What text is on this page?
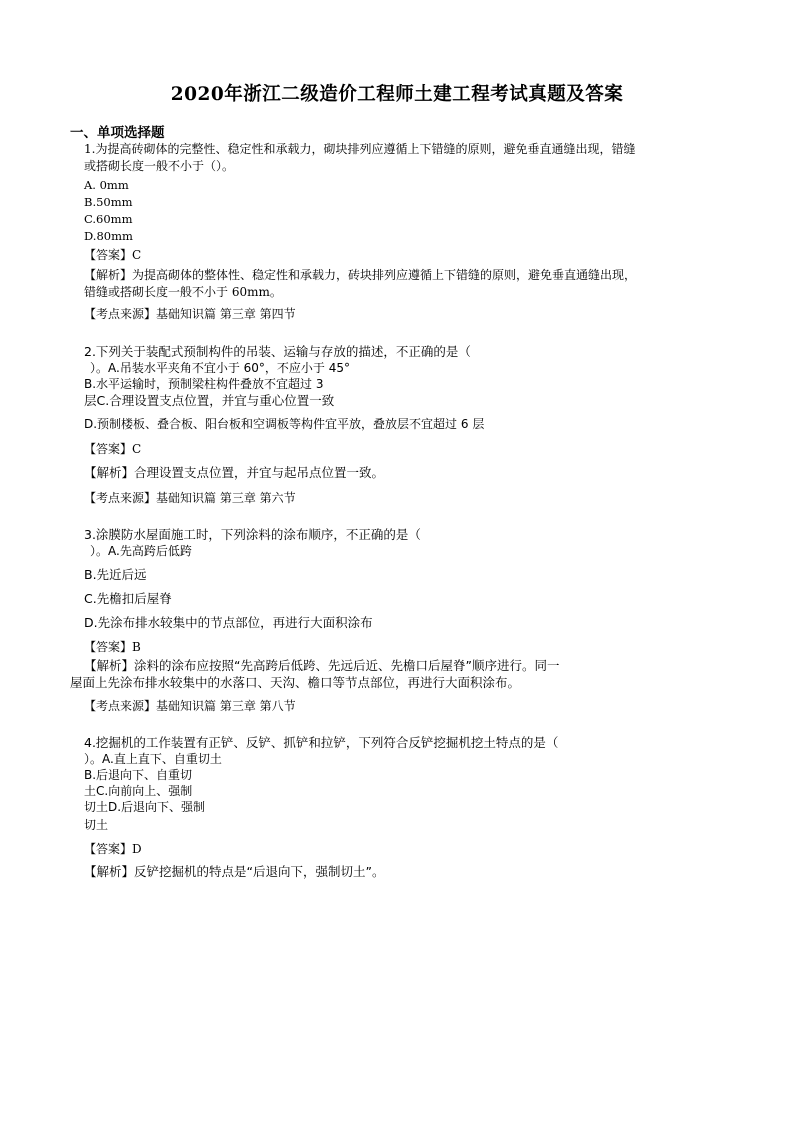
2020年浙江二级造价工程师土建工程考试真题及答案
一、单项选择题
1.为提高砖砌体的完整性、稳定性和承载力，砌块排列应遵循上下错缝的原则，避免垂直通缝出现，错缝
或搭砌长度一般不小于（）。
A. 0mm
B.50mm
C.60mm
D.80mm
【答案】C
【解析】为提高砌体的整体性、稳定性和承载力，砖块排列应遵循上下错缝的原则，避免垂直通缝出现，
错缝或搭砌长度一般不小于 60mm。
【考点来源】基础知识篇 第三章 第四节
2.下列关于装配式预制构件的吊装、运输与存放的描述，不正确的是（
）。A.吊装水平夹角不宜小于 60°，不应小于 45°
B.水平运输时，预制梁柱构件叠放不宜超过 3
层C.合理设置支点位置，并宜与重心位置一致
D.预制楼板、叠合板、阳台板和空调板等构件宜平放，叠放层不宜超过 6 层
【答案】C
【解析】合理设置支点位置，并宜与起吊点位置一致。
【考点来源】基础知识篇 第三章 第六节
3.涂膜防水屋面施工时，下列涂料的涂布顺序，不正确的是（
）。A.先高跨后低跨
B.先近后远
C.先檐扣后屋脊
D.先涂布排水较集中的节点部位，再进行大面积涂布
【答案】B
【解析】涂料的涂布应按照“先高跨后低跨、先远后近、先檐口后屋脊”顺序进行。同一
屋面上先涂布排水较集中的水落口、天沟、檐口等节点部位，再进行大面积涂布。
【考点来源】基础知识篇 第三章 第八节
4.挖掘机的工作装置有正铲、反铲、抓铲和拉铲，下列符合反铲挖掘机挖土特点的是（
）。A.直上直下、自重切土
B.后退向下、自重切
土C.向前向上、强制
切土D.后退向下、强制
切土
【答案】D
【解析】反铲挖掘机的特点是“后退向下，强制切土”。
